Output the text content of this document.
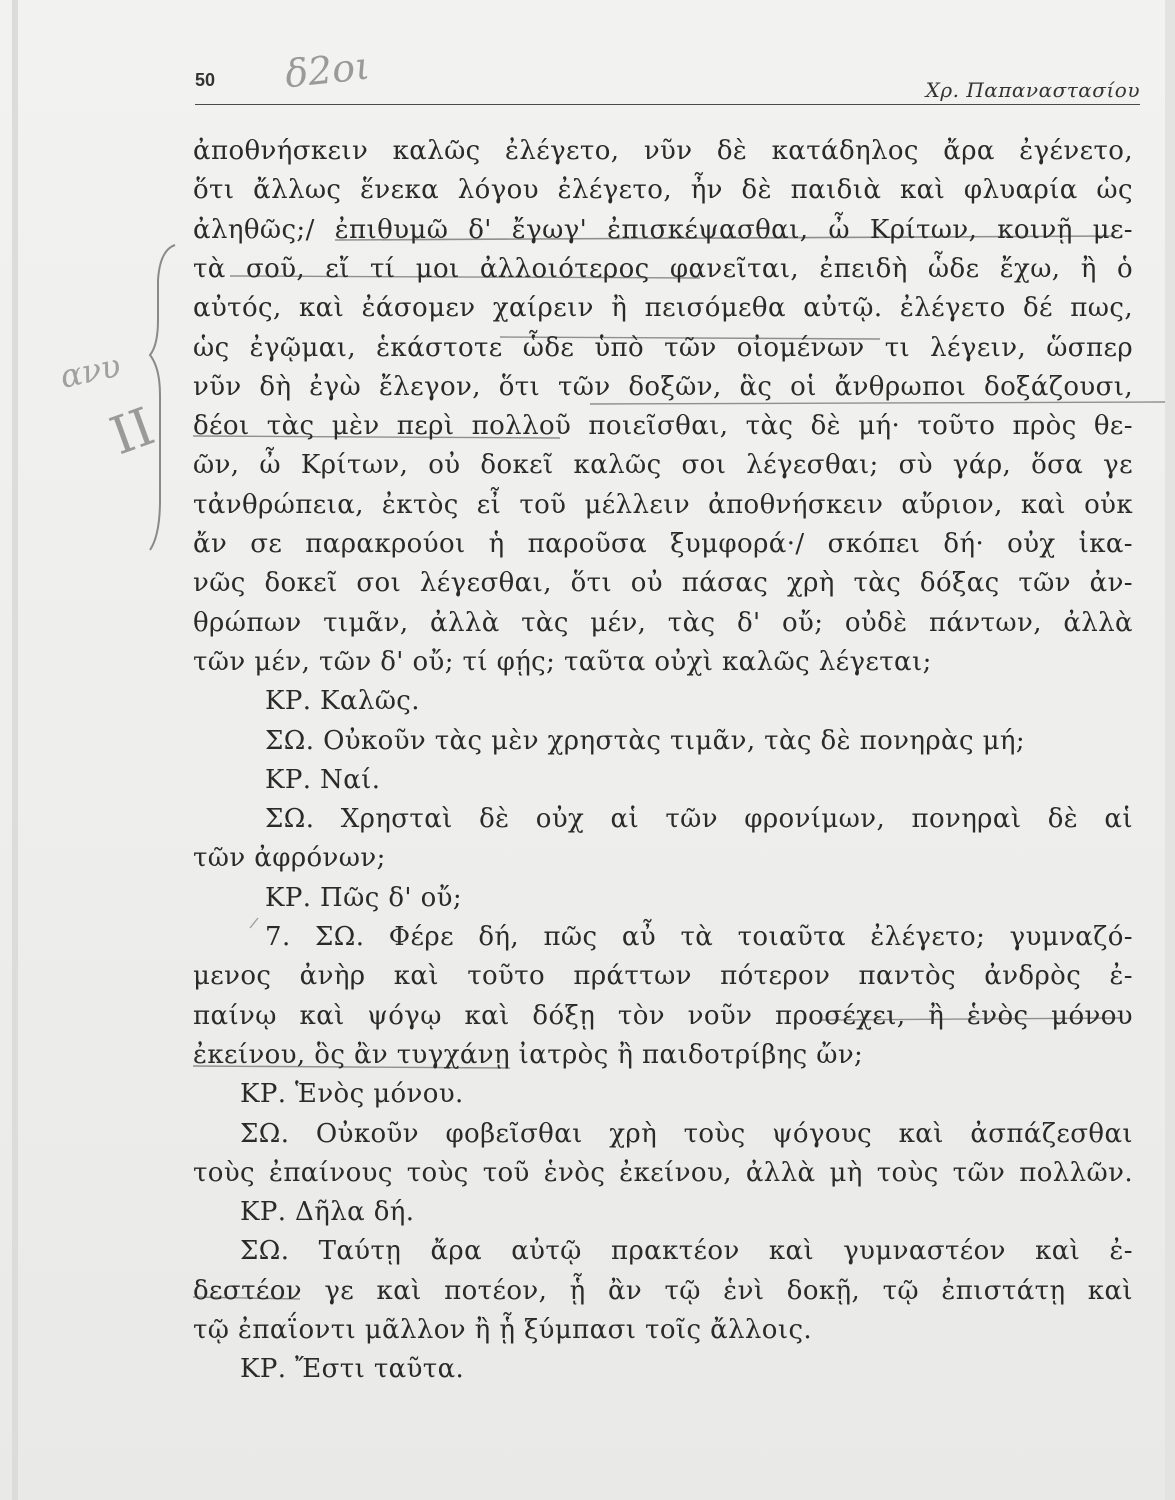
50	Χρ. Παπαναστασίου
δ2οι
ανυ
II
ἀποθνήσκειν καλῶς ἐλέγετο, νῦν δὲ κατάδηλος ἄρα ἐγένετο,
ὅτι ἄλλως ἕνεκα λόγου ἐλέγετο, ἦν δὲ παιδιὰ καὶ φλυαρία ὡς
ἀληθῶς;/ ἐπιθυμῶ δ' ἔγωγ' ἐπισκέψασθαι, ὦ Κρίτων, κοινῇ με-
τὰ σοῦ, εἴ τί μοι ἀλλοιότερος φανεῖται, ἐπειδὴ ὧδε ἔχω, ἢ ὁ
αὐτός, καὶ ἐάσομεν χαίρειν ἢ πεισόμεθα αὐτῷ. ἐλέγετο δέ πως,
ὡς ἐγῷμαι, ἑκάστοτε ὧδε ὑπὸ τῶν οἰομένων τι λέγειν, ὥσπερ
νῦν δὴ ἐγὼ ἔλεγον, ὅτι τῶν δοξῶν, ἃς οἱ ἄνθρωποι δοξάζουσι,
δέοι τὰς μὲν περὶ πολλοῦ ποιεῖσθαι, τὰς δὲ μή· τοῦτο πρὸς θε-
ῶν, ὦ Κρίτων, οὐ δοκεῖ καλῶς σοι λέγεσθαι; σὺ γάρ, ὅσα γε
τἀνθρώπεια, ἐκτὸς εἶ τοῦ μέλλειν ἀποθνήσκειν αὔριον, καὶ οὐκ
ἄν σε παρακρούοι ἡ παροῦσα ξυμφορά·/ σκόπει δή· οὐχ ἱκα-
νῶς δοκεῖ σοι λέγεσθαι, ὅτι οὐ πάσας χρὴ τὰς δόξας τῶν ἀν-
θρώπων τιμᾶν, ἀλλὰ τὰς μέν, τὰς δ' οὔ; οὐδὲ πάντων, ἀλλὰ
τῶν μέν, τῶν δ' οὔ; τί φῄς; ταῦτα οὐχὶ καλῶς λέγεται;
ΚΡ. Καλῶς.
ΣΩ. Οὐκοῦν τὰς μὲν χρηστὰς τιμᾶν, τὰς δὲ πονηρὰς μή;
ΚΡ. Ναί.
ΣΩ. Χρησταὶ δὲ οὐχ αἱ τῶν φρονίμων, πονηραὶ δὲ αἱ
τῶν ἀφρόνων;
ΚΡ. Πῶς δ' οὔ;
7. ΣΩ. Φέρε δή, πῶς αὖ τὰ τοιαῦτα ἐλέγετο; γυμναζό-
μενος ἀνὴρ καὶ τοῦτο πράττων πότερον παντὸς ἀνδρὸς ἐ-
παίνῳ καὶ ψόγῳ καὶ δόξῃ τὸν νοῦν προσέχει, ἢ ἑνὸς μόνου
ἐκείνου, ὃς ἂν τυγχάνῃ ἰατρὸς ἢ παιδοτρίβης ὤν;
ΚΡ. Ἑνὸς μόνου.
ΣΩ. Οὐκοῦν φοβεῖσθαι χρὴ τοὺς ψόγους καὶ ἀσπάζεσθαι
τοὺς ἐπαίνους τοὺς τοῦ ἑνὸς ἐκείνου, ἀλλὰ μὴ τοὺς τῶν πολλῶν.
ΚΡ. Δῆλα δή.
ΣΩ. Ταύτῃ ἄρα αὐτῷ πρακτέον καὶ γυμναστέον καὶ ἐ-
δεστέον γε καὶ ποτέον, ᾗ ἂν τῷ ἑνὶ δοκῇ, τῷ ἐπιστάτῃ καὶ
τῷ ἐπαΐοντι μᾶλλον ἢ ᾗ ξύμπασι τοῖς ἄλλοις.
ΚΡ. Ἔστι ταῦτα.
